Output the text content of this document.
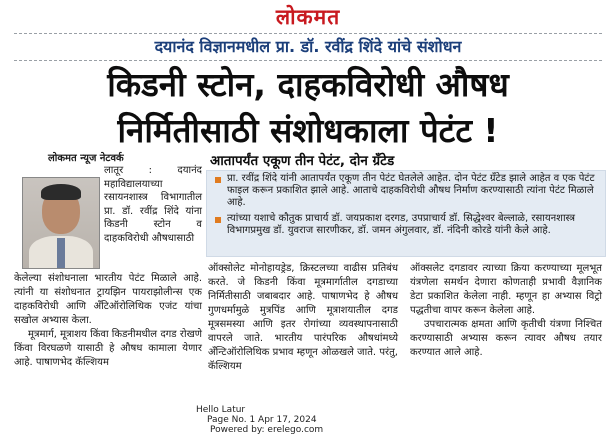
लोकमत
दयानंद विज्ञानमधील प्रा. डॉ. रवींद्र शिंदे यांचे संशोधन
किडनी स्टोन, दाहकविरोधी औषध
निर्मितीसाठी संशोधकाला पेटंट !
लोकमत न्यूज नेटवर्क

लातूर : दयानंद महाविद्यालयाच्या रसायनशास्त्र विभागातील प्रा. डॉ. रवींद्र शिंदे यांना किडनी स्टोन व दाहकविरोधी औषधासाठी

केलेल्या संशोधनाला भारतीय पेटंट मिळाले आहे. त्यांनी या संशोधनात ट्रायझिन पायराझोलीन्स एक दाहकविरोधी आणि अँटिऑरोलिथिक एजंट यांचा सखोल अभ्यास केला.

मूत्रमार्ग, मूत्राशय किंवा किडनीमधील दगड रोखणे किंवा विरघळणे यासाठी हे औषध कामाला येणार आहे. पाषाणभेद कॅल्शियम

आतापर्यंत एकूण तीन पेटंट, दोन ग्रँटेड
प्रा. रवींद्र शिंदे यांनी आतापर्यंत एकूण तीन पेटंट घेतलेले आहेत. दोन पेटंट ग्रँटेड झाले आहेत व एक पेटंट फाइल करून प्रकाशित झाले आहे. आताचे दाहकविरोधी औषध निर्माण करण्यासाठी त्यांना पेटंट मिळाले आहे.
त्यांच्या यशाचे कौतुक प्राचार्य डॉ. जयप्रकाश दरगड, उपप्राचार्य डॉ. सिद्धेश्वर बेल्लाळे, रसायनशास्त्र विभागप्रमुख डॉ. युवराज सारणीकर, डॉ. जमन अंगुलवार, डॉ. नंदिनी कोरडे यांनी केले आहे.

ऑक्सोलेट मोनोहायड्रेड, क्रिस्टलच्या वाढीस प्रतिबंध करते. जे किडनी किंवा मूत्रमार्गातील दगडाच्या निर्मितीसाठी जबाबदार आहे. पाषाणभेद हे औषध गुणधर्मामुळे मुत्रपिंड आणि मूत्राशयातील दगड मूत्रसमस्या आणि इतर रोगांच्या व्यवस्थापनासाठी वापरले जाते. भारतीय पारंपरिक औषधांमध्ये अँन्टिऑरोलिथिक प्रभाव म्हणून ओळखले जाते. परंतु, कॅल्शियम

ऑक्सलेट दगडावर त्याच्या क्रिया करण्याच्या मूलभूत यंत्रणेला समर्थन देणारा कोणताही प्रभावी वैज्ञानिक डेटा प्रकाशित केलेला नाही. म्हणून हा अभ्यास विट्रो पद्धतीचा वापर करून केलेला आहे.

उपचारात्मक क्षमता आणि कृतीची यंत्रणा निश्चित करण्यासाठी अभ्यास करून त्यावर औषध तयार करण्यात आले आहे.

Hello Latur
Page No. 1 Apr 17, 2024
Powered by: erelego.com
